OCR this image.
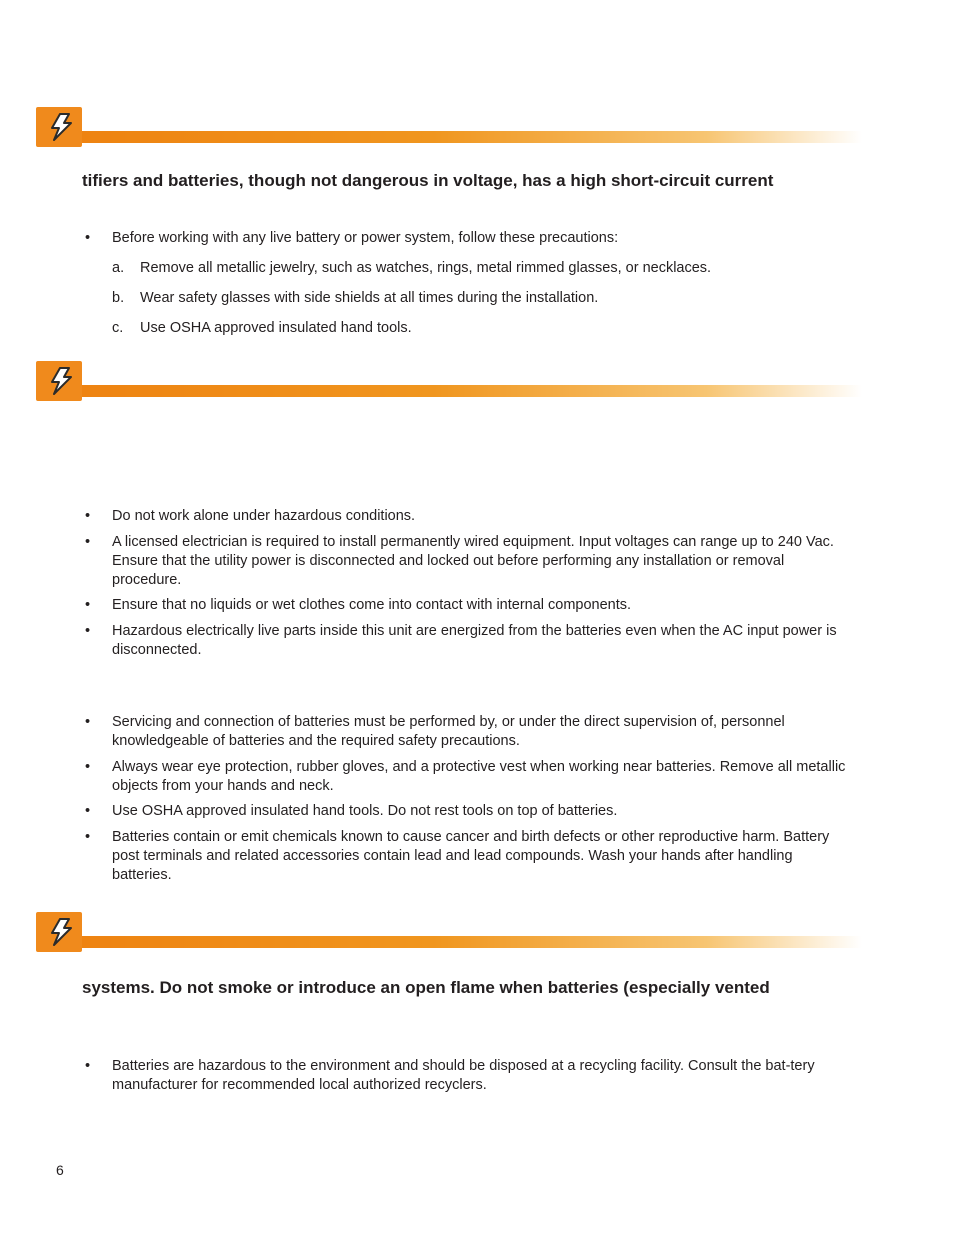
tifiers and batteries, though not dangerous in voltage, has a high short-circuit current
• Before working with any live battery or power system, follow these precautions:
a. Remove all metallic jewelry, such as watches, rings, metal rimmed glasses, or necklaces.
b. Wear safety glasses with side shields at all times during the installation.
c. Use OSHA approved insulated hand tools.
• Do not work alone under hazardous conditions.
• A licensed electrician is required to install permanently wired equipment. Input voltages can range up to 240 Vac. Ensure that the utility power is disconnected and locked out before performing any installation or removal procedure.
• Ensure that no liquids or wet clothes come into contact with internal components.
• Hazardous electrically live parts inside this unit are energized from the batteries even when the AC input power is disconnected.
• Servicing and connection of batteries must be performed by, or under the direct supervision of, personnel knowledgeable of batteries and the required safety precautions.
• Always wear eye protection, rubber gloves, and a protective vest when working near batteries. Remove all metallic objects from your hands and neck.
• Use OSHA approved insulated hand tools. Do not rest tools on top of batteries.
• Batteries contain or emit chemicals known to cause cancer and birth defects or other reproductive harm. Battery post terminals and related accessories contain lead and lead compounds. Wash your hands after handling batteries.
systems. Do not smoke or introduce an open flame when batteries (especially vented
• Batteries are hazardous to the environment and should be disposed at a recycling facility. Consult the bat-tery manufacturer for recommended local authorized recyclers.
6
